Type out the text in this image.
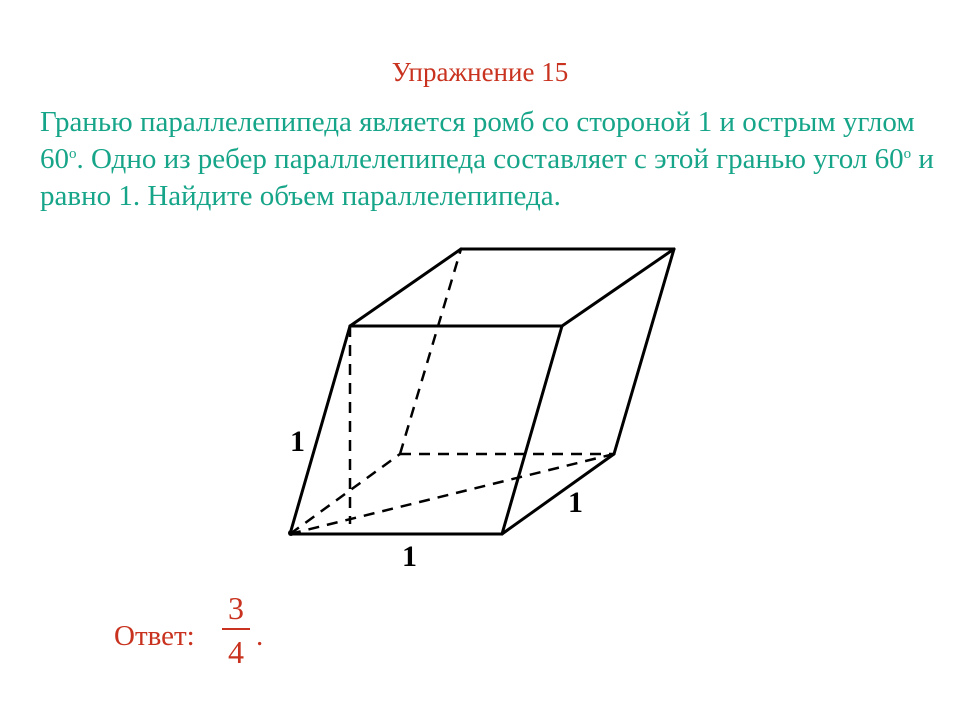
Упражнение 15
Гранью параллелепипеда является ромб со стороной 1 и острым углом 60$^o$. Одно из ребер параллелепипеда составляет с этой гранью угол 60$^o$ и равно 1. Найдите объем параллелепипеда.
1
1
1
Ответ:
3
4 .
